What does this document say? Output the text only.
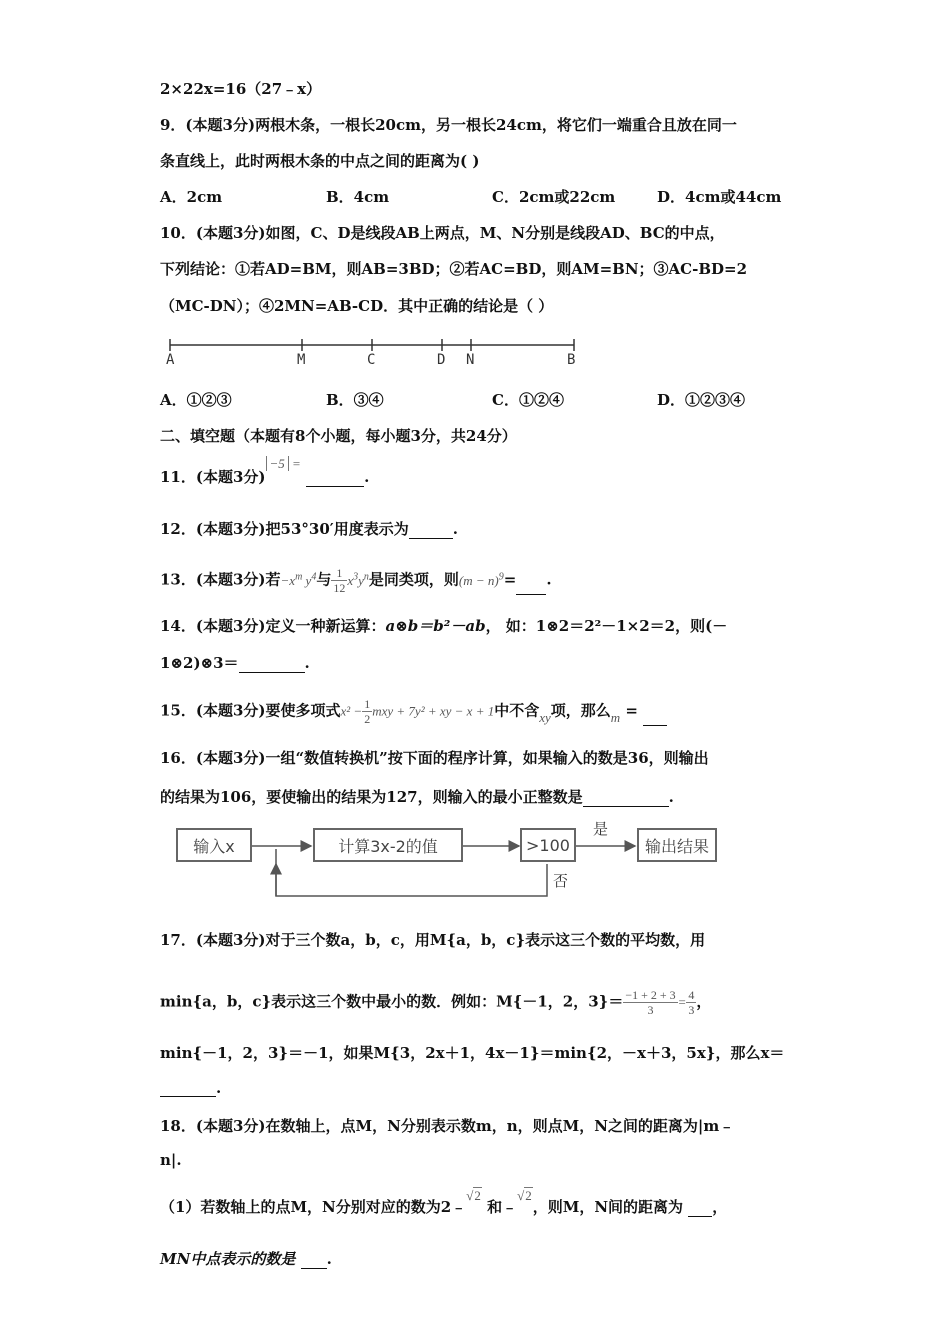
2×22x=16（27﹣x）
9．(本题3分)两根木条，一根长20cm，另一根长24cm，将它们一端重合且放在同一
条直线上，此时两根木条的中点之间的距离为( )
A．2cm	B．4cm	C．2cm或22cm	D．4cm或44cm
10．(本题3分)如图，C、D是线段AB上两点，M、N分别是线段AD、BC的中点，
下列结论：①若AD=BM，则AB=3BD；②若AC=BD，则AM=BN；③AC-BD=2
（MC-DN）；④2MN=AB-CD．其中正确的结论是（ ）
A	M	C	D N	B
A．①②③	B．③④	C．①②④	D．①②③④
二、填空题（本题有8个小题，每小题3分，共24分）
11．(本题3分)−5 = .
12．(本题3分)把53°30′用度表示为	.
13．(本题3分)若$-x^m$ $y^4$与 $\frac{1}{12} x^3y^n$是同类项，则$(m - n)^9=$ .
14．(本题3分)定义一种新运算：a⊗b＝b²－ab， 如：1⊗2＝2²－1×2＝2，则(－
1⊗2)⊗3＝	.
15．(本题3分)要使多项式$x^2 - \frac{1}{2}$ mxy + 7y² + xy − x + 1中不含xy项，那么m =
16．(本题3分)一组“数值转换机”按下面的程序计算，如果输入的数是36，则输出
的结果为106，要使输出的结果为127，则输入的最小正整数是	.
输入x	计算3x-2的值	>100	输出结果
是
否
17．(本题3分)对于三个数a，b，c，用M{a，b，c}表示这三个数的平均数，用
min{a，b，c}表示这三个数中最小的数．例如：M{－1，2，$3\}= \frac{-1 + 2 + 3}{3} = \frac{4}{3}$ ，
min{－1，2，3}＝－1，如果M{3，2x＋1，4x－1}＝min{2，－x＋3，5x}，那么x＝
.
18．(本题3分)在数轴上，点M，N分别表示数m，n，则点M，N之间的距离为|m﹣
n|.
（1）若数轴上的点M，N分别对应的数为2﹣√2 和﹣√2，则M，N间的距离为 ，
MN中点表示的数是 .
